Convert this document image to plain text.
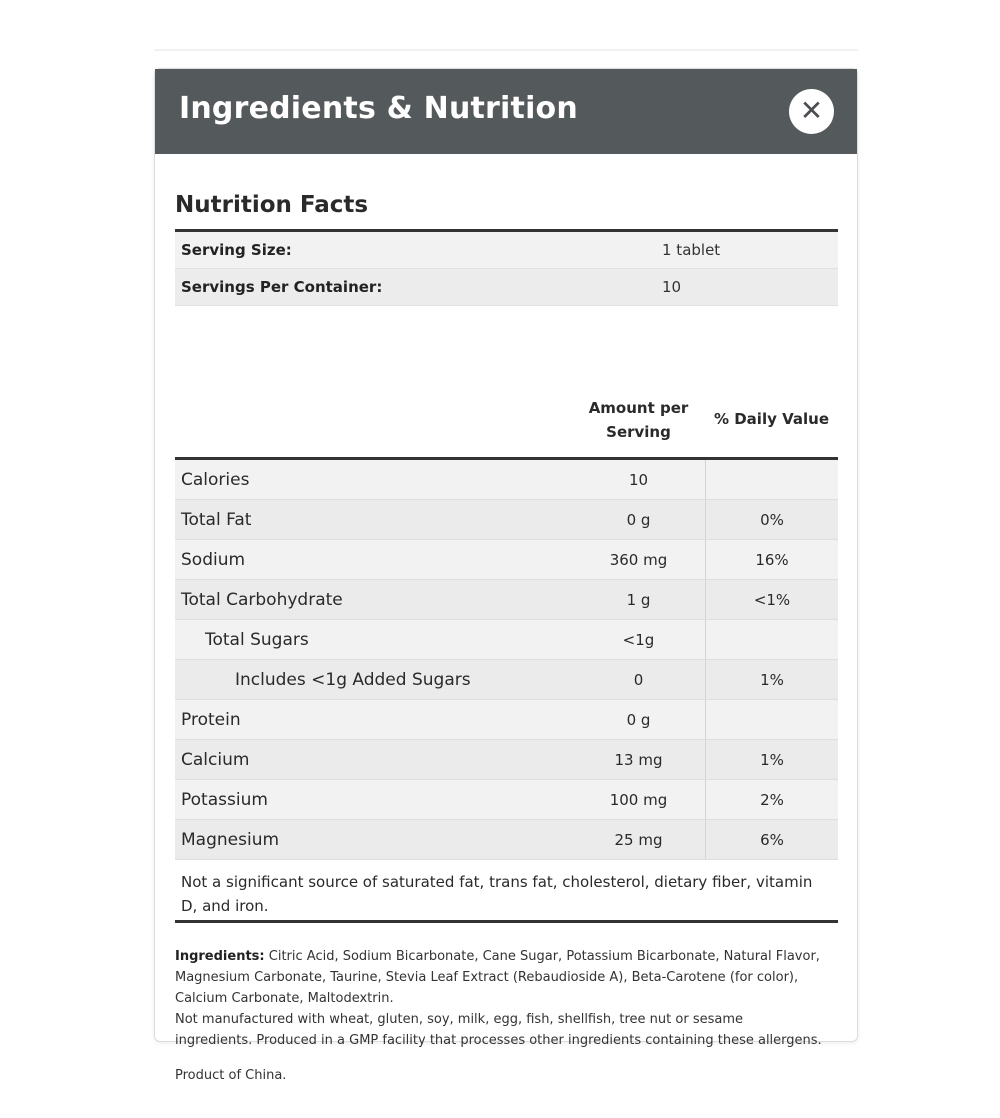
Ingredients & Nutrition	✕
Nutrition Facts
Serving Size:	1 tablet
Servings Per Container:	10
Amount per
Serving
% Daily Value
Calories	10
Total Fat	0 g	0%
Sodium	360 mg	16%
Total Carbohydrate	1 g	<1%
Total Sugars	<1g
Includes <1g Added Sugars	0	1%
Protein	0 g
Calcium	13 mg	1%
Potassium	100 mg	2%
Magnesium	25 mg	6%
Not a significant source of saturated fat, trans fat, cholesterol, dietary fiber, vitamin D, and iron.
Ingredients: Citric Acid, Sodium Bicarbonate, Cane Sugar, Potassium Bicarbonate, Natural Flavor, Magnesium Carbonate, Taurine, Stevia Leaf Extract (Rebaudioside A), Beta-Carotene (for color), Calcium Carbonate, Maltodextrin.
Not manufactured with wheat, gluten, soy, milk, egg, fish, shellfish, tree nut or sesame
ingredients. Produced in a GMP facility that processes other ingredients containing these allergens.
Product of China.
